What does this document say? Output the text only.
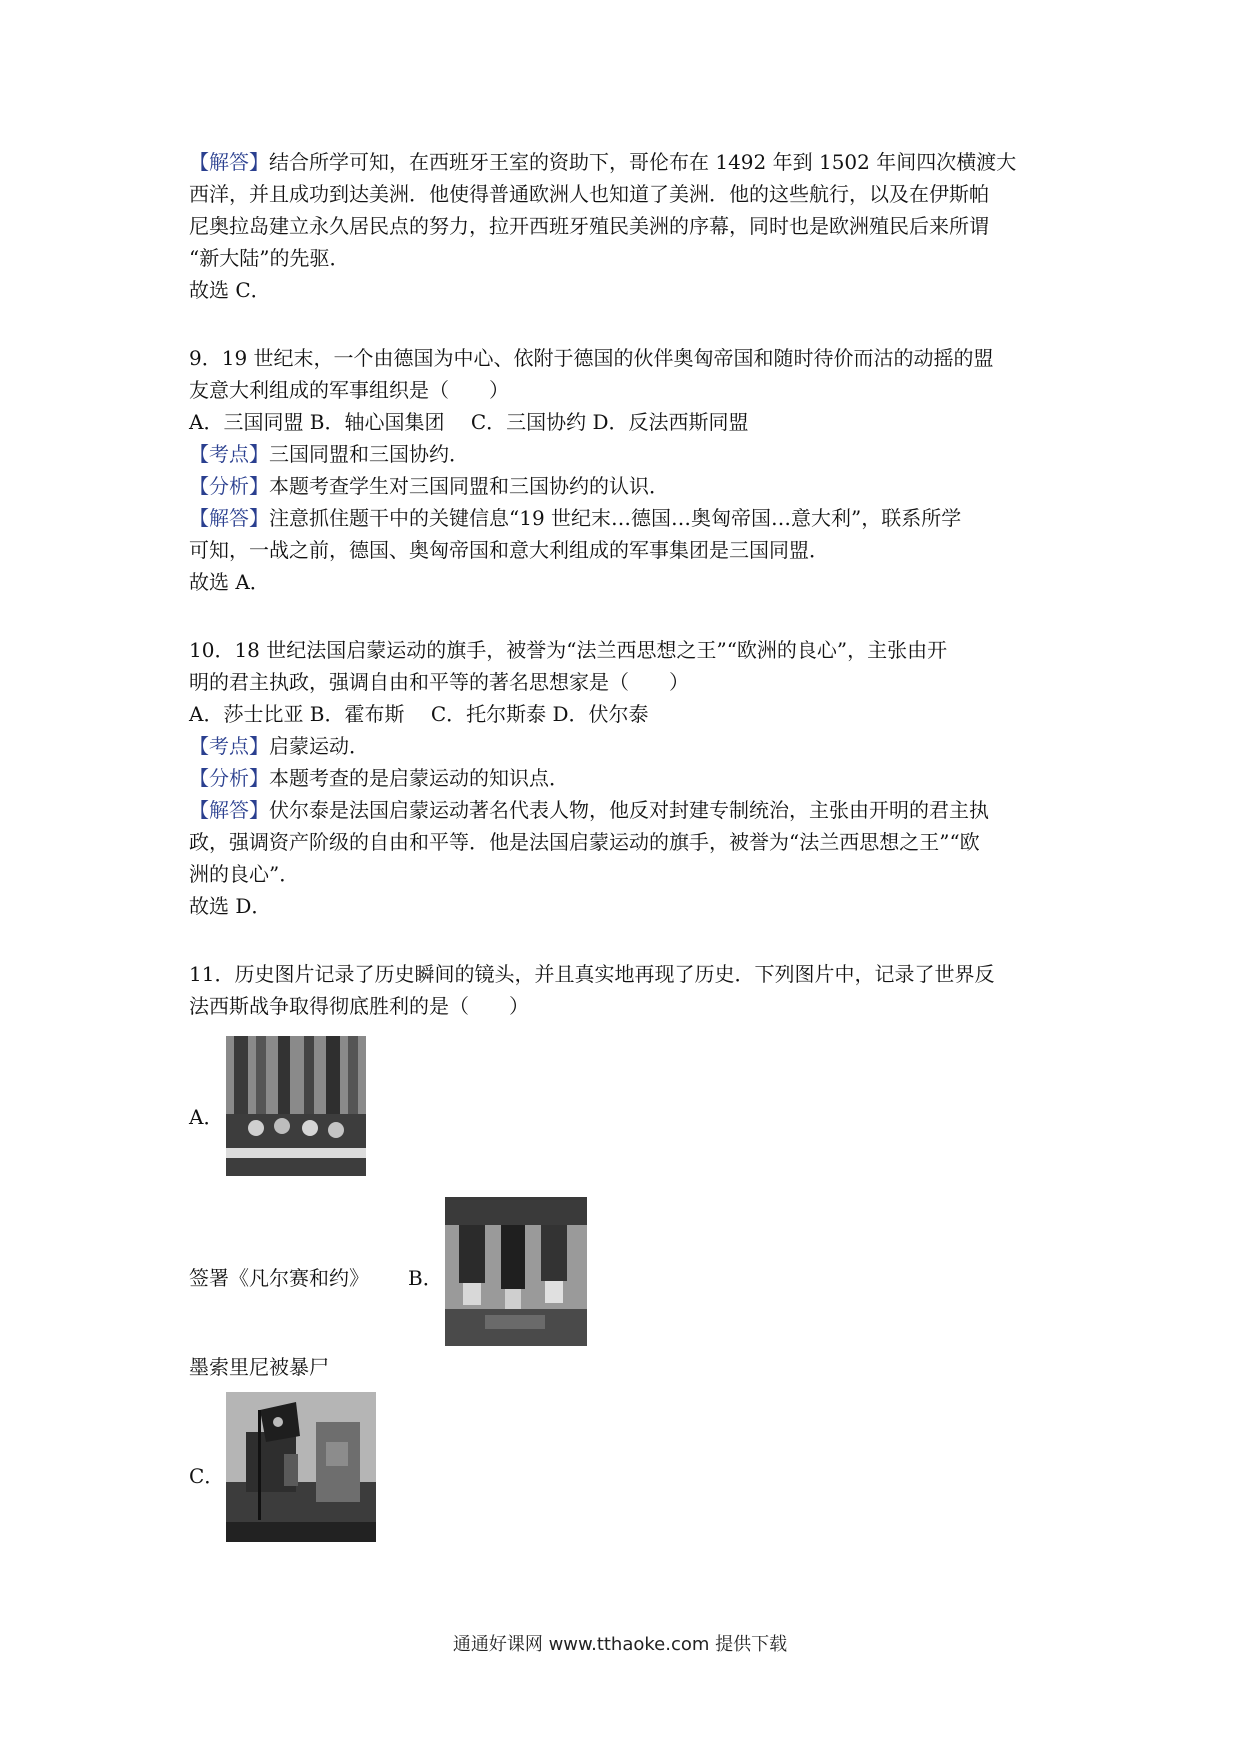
【解答】结合所学可知，在西班牙王室的资助下，哥伦布在 1492 年到 1502 年间四次横渡大
西洋，并且成功到达美洲．他使得普通欧洲人也知道了美洲．他的这些航行，以及在伊斯帕
尼奥拉岛建立永久居民点的努力，拉开西班牙殖民美洲的序幕，同时也是欧洲殖民后来所谓
“新大陆”的先驱．
故选 C．
9．19 世纪末，一个由德国为中心、依附于德国的伙伴奥匈帝国和随时待价而沽的动摇的盟
友意大利组成的军事组织是（　　）
A．三国同盟 B．轴心国集团　 C．三国协约 D．反法西斯同盟
【考点】三国同盟和三国协约．
【分析】本题考查学生对三国同盟和三国协约的认识．
【解答】注意抓住题干中的关键信息“19 世纪末…德国…奥匈帝国…意大利”，联系所学
可知，一战之前，德国、奥匈帝国和意大利组成的军事集团是三国同盟．
故选 A．
10．18 世纪法国启蒙运动的旗手，被誉为“法兰西思想之王”“欧洲的良心”，主张由开
明的君主执政，强调自由和平等的著名思想家是（　　）
A．莎士比亚 B．霍布斯　 C．托尔斯泰 D．伏尔泰
【考点】启蒙运动．
【分析】本题考查的是启蒙运动的知识点．
【解答】伏尔泰是法国启蒙运动著名代表人物，他反对封建专制统治，主张由开明的君主执
政，强调资产阶级的自由和平等．他是法国启蒙运动的旗手，被誉为“法兰西思想之王”“欧
洲的良心”．
故选 D．
11．历史图片记录了历史瞬间的镜头，并且真实地再现了历史．下列图片中，记录了世界反
法西斯战争取得彻底胜利的是（　　）
A．
签署《凡尔赛和约》 B．
墨索里尼被暴尸
C．
通通好课网 www.tthaoke.com 提供下载
